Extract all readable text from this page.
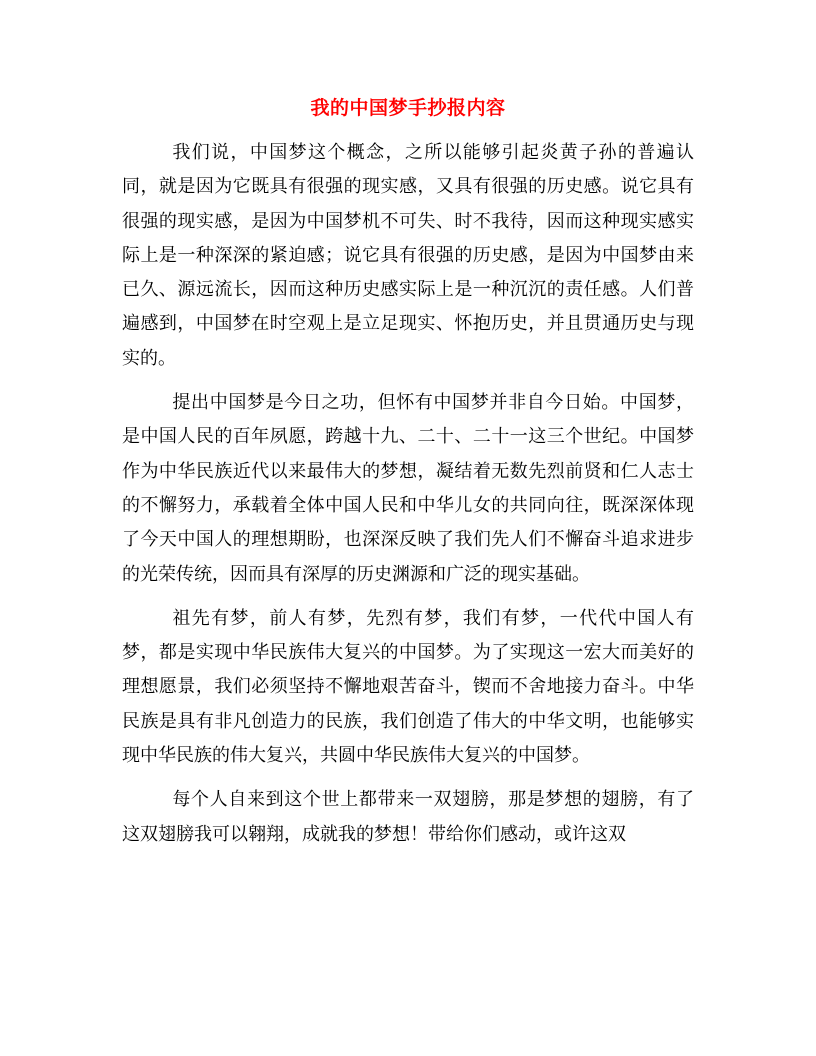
我的中国梦手抄报内容

我们说，中国梦这个概念，之所以能够引起炎黄子孙的普遍认同，就是因为它既具有很强的现实感，又具有很强的历史感。说它具有很强的现实感，是因为中国梦机不可失、时不我待，因而这种现实感实际上是一种深深的紧迫感；说它具有很强的历史感，是因为中国梦由来已久、源远流长，因而这种历史感实际上是一种沉沉的责任感。人们普遍感到，中国梦在时空观上是立足现实、怀抱历史，并且贯通历史与现实的。

提出中国梦是今日之功，但怀有中国梦并非自今日始。中国梦，是中国人民的百年夙愿，跨越十九、二十、二十一这三个世纪。中国梦作为中华民族近代以来最伟大的梦想，凝结着无数先烈前贤和仁人志士的不懈努力，承载着全体中国人民和中华儿女的共同向往，既深深体现了今天中国人的理想期盼，也深深反映了我们先人们不懈奋斗追求进步的光荣传统，因而具有深厚的历史渊源和广泛的现实基础。

祖先有梦，前人有梦，先烈有梦，我们有梦，一代代中国人有梦，都是实现中华民族伟大复兴的中国梦。为了实现这一宏大而美好的理想愿景，我们必须坚持不懈地艰苦奋斗，锲而不舍地接力奋斗。中华民族是具有非凡创造力的民族，我们创造了伟大的中华文明，也能够实现中华民族的伟大复兴，共圆中华民族伟大复兴的中国梦。

每个人自来到这个世上都带来一双翅膀，那是梦想的翅膀，有了这双翅膀我可以翱翔，成就我的梦想！带给你们感动，或许这双
